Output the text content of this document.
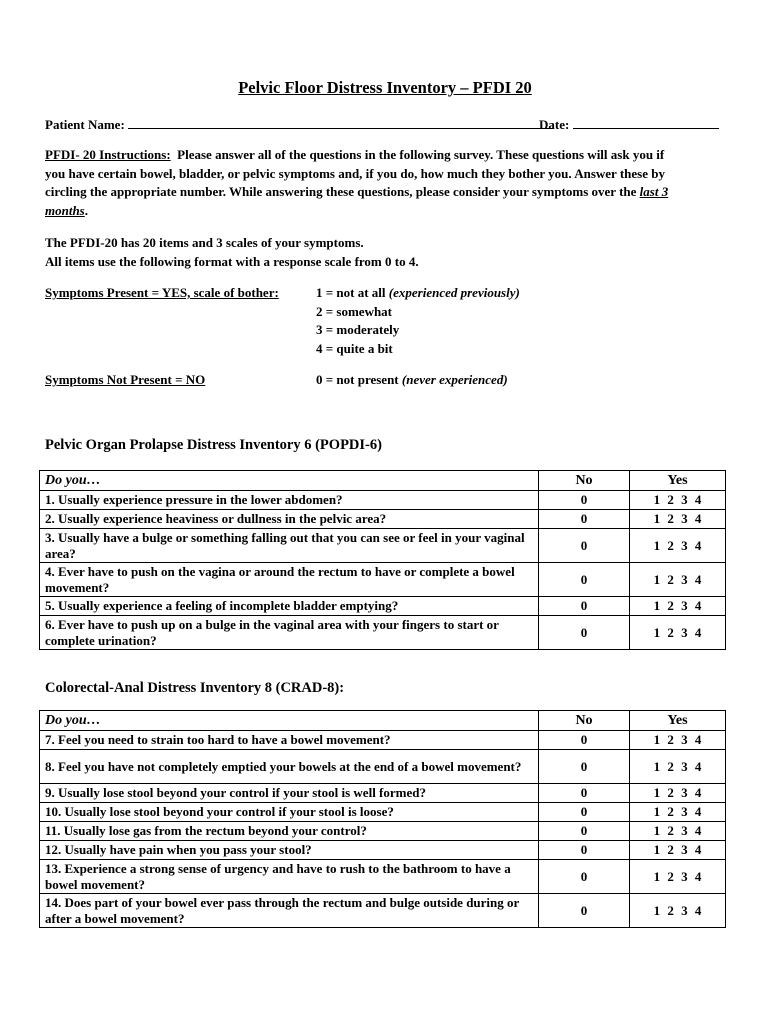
Pelvic Floor Distress Inventory – PFDI 20
Patient Name:	Date:
PFDI- 20 Instructions: Please answer all of the questions in the following survey. These questions will ask you if
you have certain bowel, bladder, or pelvic symptoms and, if you do, how much they bother you. Answer these by
circling the appropriate number. While answering these questions, please consider your symptoms over the last 3
months.
The PFDI-20 has 20 items and 3 scales of your symptoms.
All items use the following format with a response scale from 0 to 4.
Symptoms Present = YES, scale of bother:	1 = not at all (experienced previously)
2 = somewhat
3 = moderately
4 = quite a bit
Symptoms Not Present = NO	0 = not present (never experienced)
Pelvic Organ Prolapse Distress Inventory 6 (POPDI-6)
Do you…	No	Yes
1. Usually experience pressure in the lower abdomen?	0	1 2 3 4
2. Usually experience heaviness or dullness in the pelvic area?	0	1 2 3 4
3. Usually have a bulge or something falling out that you can see or feel in your vaginal area?	0	1 2 3 4
4. Ever have to push on the vagina or around the rectum to have or complete a bowel movement?	0	1 2 3 4
5. Usually experience a feeling of incomplete bladder emptying?	0	1 2 3 4
6. Ever have to push up on a bulge in the vaginal area with your fingers to start or complete urination?	0	1 2 3 4
Colorectal-Anal Distress Inventory 8 (CRAD-8):
Do you…	No	Yes
7. Feel you need to strain too hard to have a bowel movement?	0	1 2 3 4
8. Feel you have not completely emptied your bowels at the end of a bowel movement?	0	1 2 3 4
9. Usually lose stool beyond your control if your stool is well formed?	0	1 2 3 4
10. Usually lose stool beyond your control if your stool is loose?	0	1 2 3 4
11. Usually lose gas from the rectum beyond your control?	0	1 2 3 4
12. Usually have pain when you pass your stool?	0	1 2 3 4
13. Experience a strong sense of urgency and have to rush to the bathroom to have a bowel movement?	0	1 2 3 4
14. Does part of your bowel ever pass through the rectum and bulge outside during or after a bowel movement?	0	1 2 3 4
